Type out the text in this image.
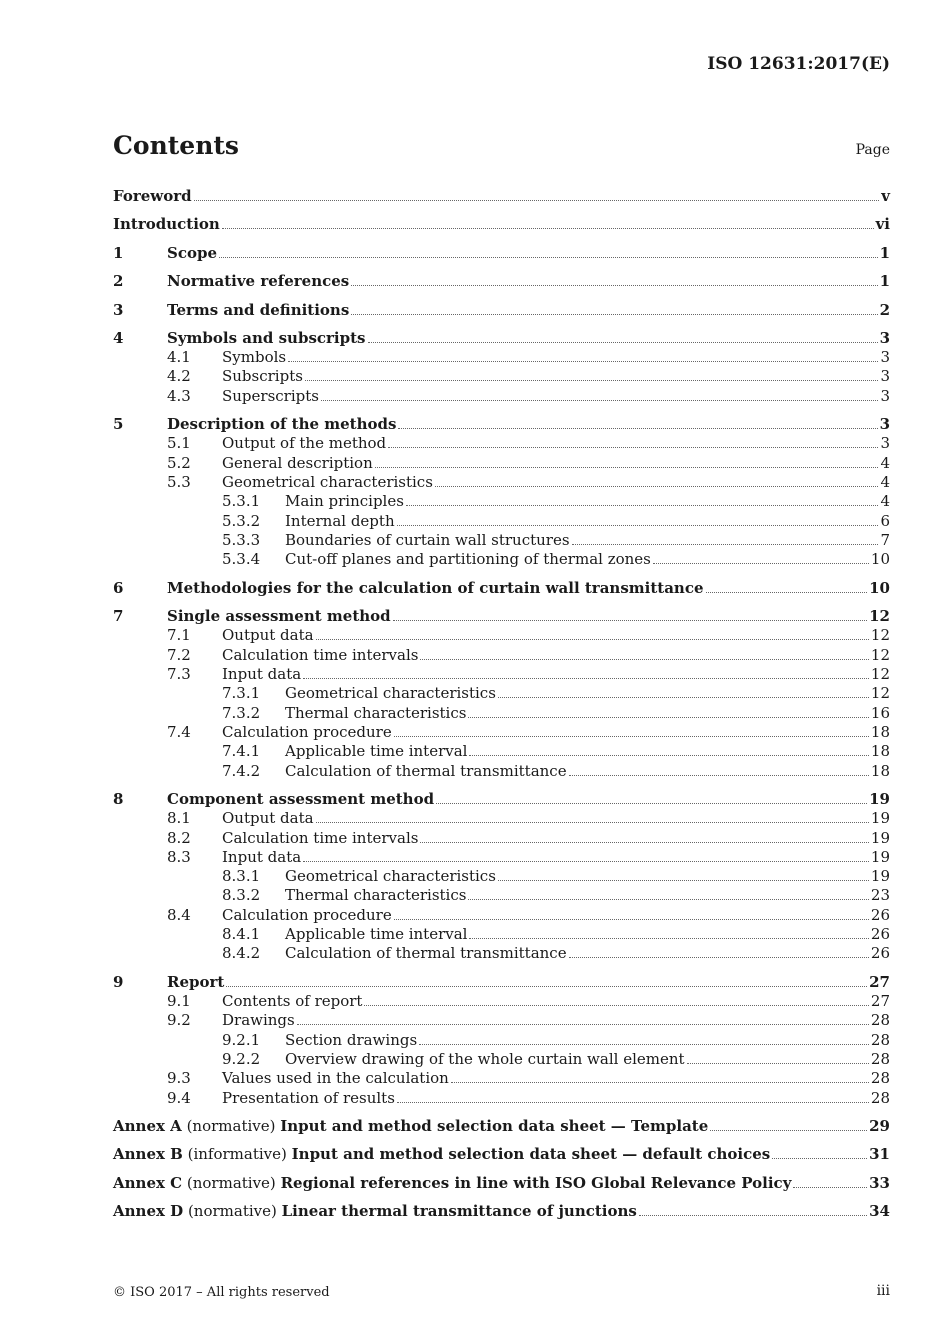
ISO 12631:2017(E)
Contents	Page
Foreword	v
Introduction	vi
1	Scope	1
2	Normative references	1
3	Terms and definitions	2
4	Symbols and subscripts	3
4.1	Symbols	3
4.2	Subscripts	3
4.3	Superscripts	3
5	Description of the methods	3
5.1	Output of the method	3
5.2	General description	4
5.3	Geometrical characteristics	4
5.3.1	Main principles	4
5.3.2	Internal depth	6
5.3.3	Boundaries of curtain wall structures	7
5.3.4	Cut-off planes and partitioning of thermal zones	10
6	Methodologies for the calculation of curtain wall transmittance	10
7	Single assessment method	12
7.1	Output data	12
7.2	Calculation time intervals	12
7.3	Input data	12
7.3.1	Geometrical characteristics	12
7.3.2	Thermal characteristics	16
7.4	Calculation procedure	18
7.4.1	Applicable time interval	18
7.4.2	Calculation of thermal transmittance	18
8	Component assessment method	19
8.1	Output data	19
8.2	Calculation time intervals	19
8.3	Input data	19
8.3.1	Geometrical characteristics	19
8.3.2	Thermal characteristics	23
8.4	Calculation procedure	26
8.4.1	Applicable time interval	26
8.4.2	Calculation of thermal transmittance	26
9	Report	27
9.1	Contents of report	27
9.2	Drawings	28
9.2.1	Section drawings	28
9.2.2	Overview drawing of the whole curtain wall element	28
9.3	Values used in the calculation	28
9.4	Presentation of results	28
Annex A (normative) Input and method selection data sheet — Template	29
Annex B (informative) Input and method selection data sheet — default choices	31
Annex C (normative) Regional references in line with ISO Global Relevance Policy	33
Annex D (normative) Linear thermal transmittance of junctions	34
© ISO 2017 – All rights reserved	iii
